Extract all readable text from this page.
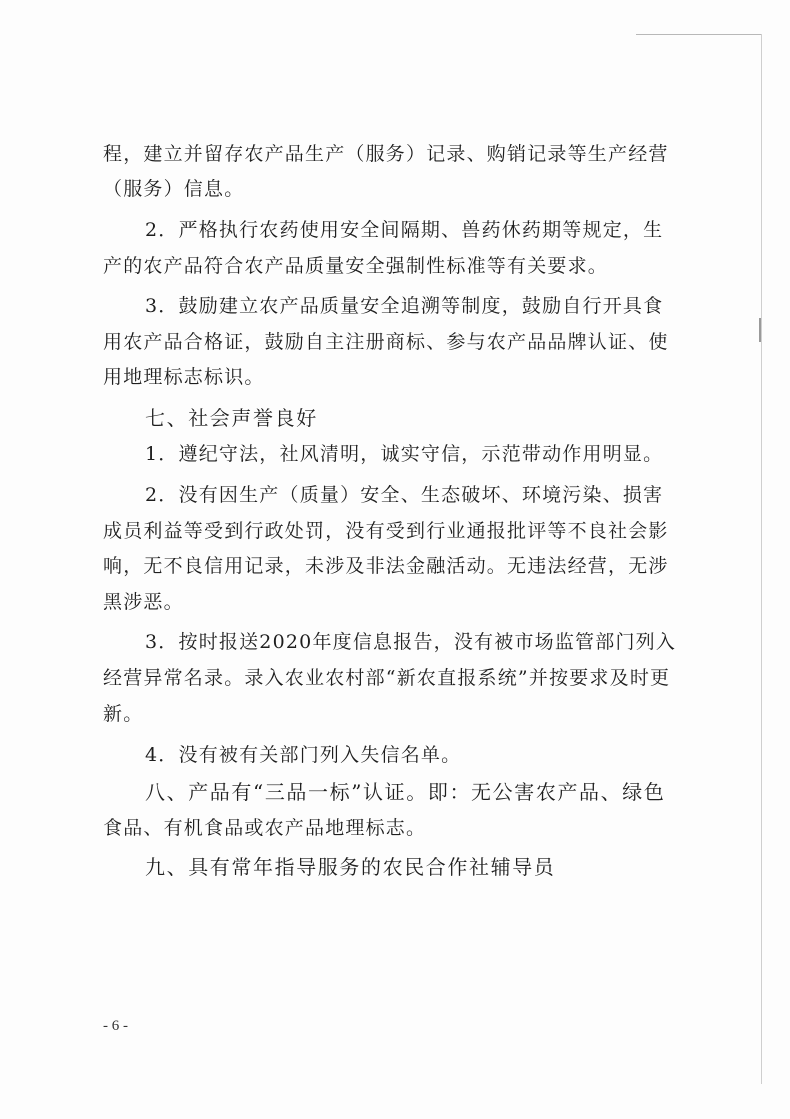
程，建立并留存农产品生产（服务）记录、购销记录等生产经营
（服务）信息。
2．严格执行农药使用安全间隔期、兽药休药期等规定，生
产的农产品符合农产品质量安全强制性标准等有关要求。
3．鼓励建立农产品质量安全追溯等制度，鼓励自行开具食
用农产品合格证，鼓励自主注册商标、参与农产品品牌认证、使
用地理标志标识。
七、社会声誉良好
1．遵纪守法，社风清明，诚实守信，示范带动作用明显。
2．没有因生产（质量）安全、生态破坏、环境污染、损害
成员利益等受到行政处罚，没有受到行业通报批评等不良社会影
响，无不良信用记录，未涉及非法金融活动。无违法经营，无涉
黑涉恶。
3．按时报送2020年度信息报告，没有被市场监管部门列入
经营异常名录。录入农业农村部“新农直报系统”并按要求及时更
新。
4．没有被有关部门列入失信名单。
八、产品有“三品一标”认证。即：无公害农产品、绿色
食品、有机食品或农产品地理标志。
九、具有常年指导服务的农民合作社辅导员
- 6 -
